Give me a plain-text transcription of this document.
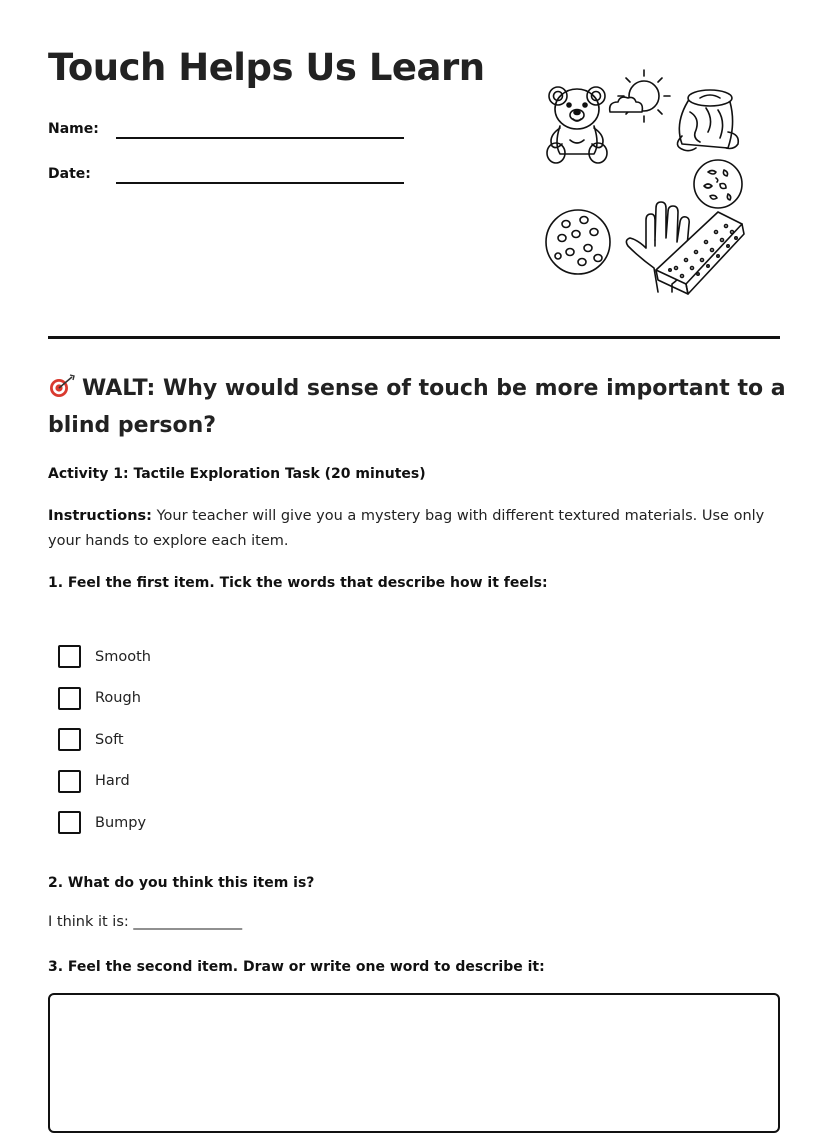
Touch Helps Us Learn
Name:
Date:
WALT: Why would sense of touch be more important to a blind person?
Activity 1: Tactile Exploration Task (20 minutes)

Instructions: Your teacher will give you a mystery bag with different textured materials. Use only your hands to explore each item.

1. Feel the first item. Tick the words that describe how it feels:
Smooth
Rough
Soft
Hard
Bumpy
2. What do you think this item is?
I think it is: _______________
3. Feel the second item. Draw or write one word to describe it:
